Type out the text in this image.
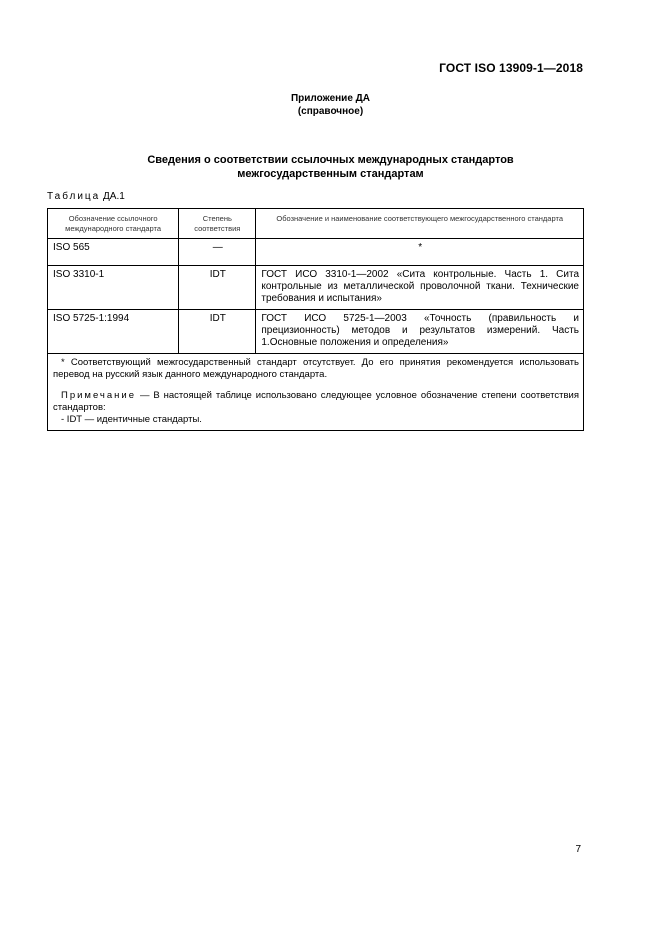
ГОСТ ISO 13909-1—2018
Приложение ДА
(справочное)
Сведения о соответствии ссылочных международных стандартов
межгосударственным стандартам
Таблица ДА.1
Обозначение ссылочного международного стандарта	Степень соответствия	Обозначение и наименование соответствующего межгосударственного стандарта
ISO 565	—	*
ISO 3310-1	IDT	ГОСТ ИСО 3310-1—2002 «Сита контрольные. Часть 1. Сита контрольные из металлической проволочной ткани. Технические требования и испытания»
ISO 5725-1:1994	IDT	ГОСТ ИСО 5725-1—2003 «Точность (правильность и прецизионность) методов и результатов измерений. Часть 1.Основные положения и определения»

* Соответствующий межгосударственный стандарт отсутствует. До его принятия рекомендуется использовать перевод на русский язык данного международного стандарта.
Примечание — В настоящей таблице использовано следующее условное обозначение степени соответствия стандартов:
- IDT — идентичные стандарты.		
7
